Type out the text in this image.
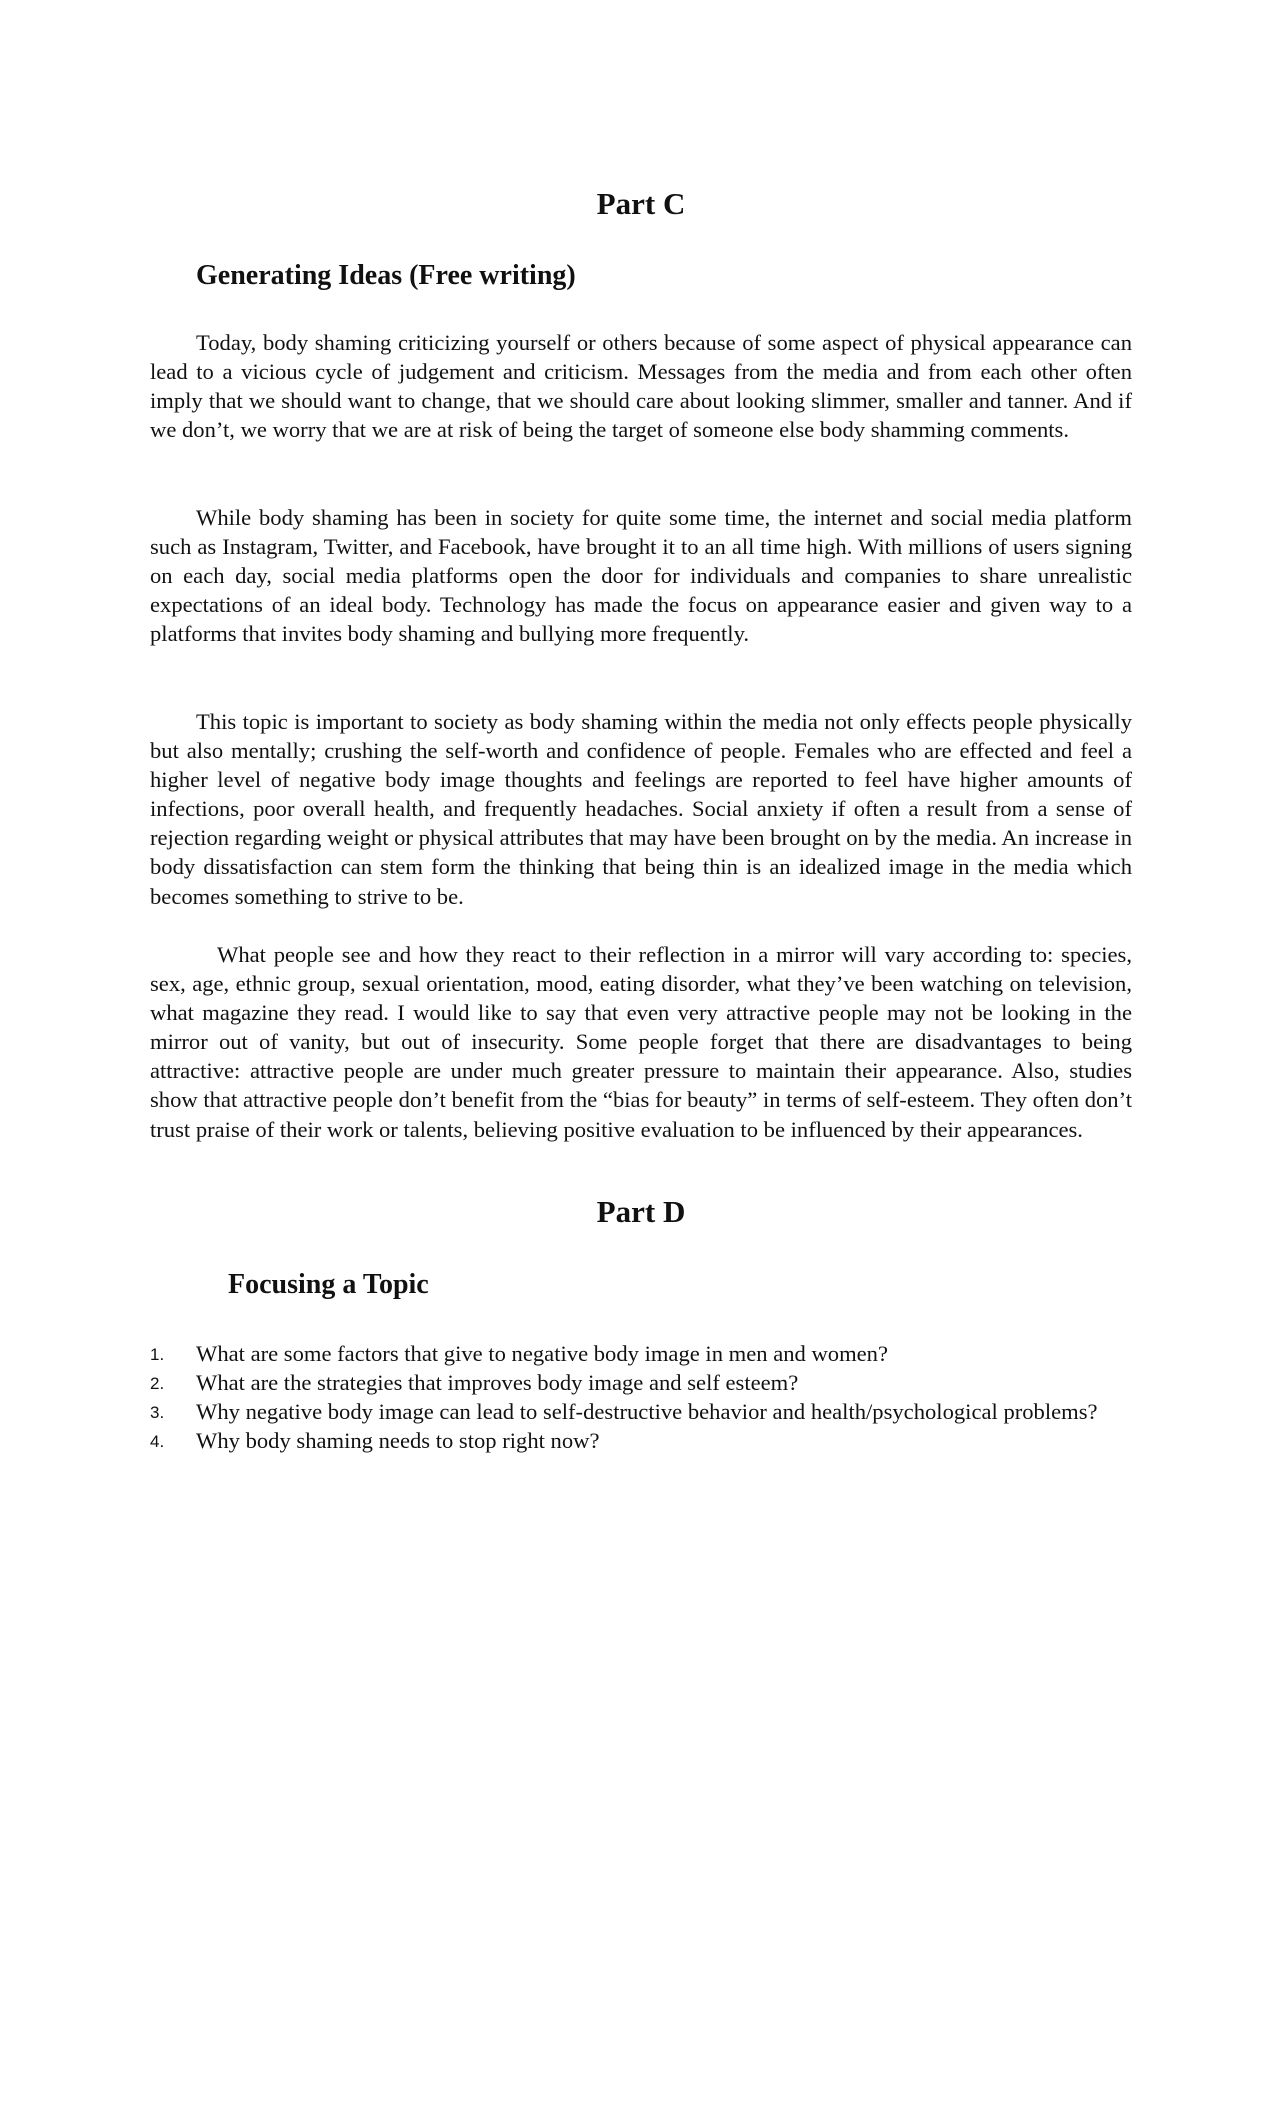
Part C
Generating Ideas (Free writing)

Today, body shaming criticizing yourself or others because of some aspect of physical appearance can lead to a vicious cycle of judgement and criticism. Messages from the media and from each other often imply that we should want to change, that we should care about looking slimmer, smaller and tanner. And if we don’t, we worry that we are at risk of being the target of someone else body shamming comments.

While body shaming has been in society for quite some time, the internet and social media platform such as Instagram, Twitter, and Facebook, have brought it to an all time high. With millions of users signing on each day, social media platforms open the door for individuals and companies to share unrealistic expectations of an ideal body. Technology has made the focus on appearance easier and given way to a platforms that invites body shaming and bullying more frequently.

This topic is important to society as body shaming within the media not only effects people physically but also mentally; crushing the self-worth and confidence of people. Females who are effected and feel a higher level of negative body image thoughts and feelings are reported to feel have higher amounts of infections, poor overall health, and frequently headaches. Social anxiety if often a result from a sense of rejection regarding weight or physical attributes that may have been brought on by the media. An increase in body dissatisfaction can stem form the thinking that being thin is an idealized image in the media which becomes something to strive to be.

What people see and how they react to their reflection in a mirror will vary according to: species, sex, age, ethnic group, sexual orientation, mood, eating disorder, what they’ve been watching on television, what magazine they read. I would like to say that even very attractive people may not be looking in the mirror out of vanity, but out of insecurity. Some people forget that there are disadvantages to being attractive: attractive people are under much greater pressure to maintain their appearance. Also, studies show that attractive people don’t benefit from the “bias for beauty” in terms of self-esteem. They often don’t trust praise of their work or talents, believing positive evaluation to be influenced by their appearances.

Part D
Focusing a Topic
1. What are some factors that give to negative body image in men and women?
2. What are the strategies that improves body image and self esteem?
3. Why negative body image can lead to self-destructive behavior and health/psychological problems?
4. Why body shaming needs to stop right now?
